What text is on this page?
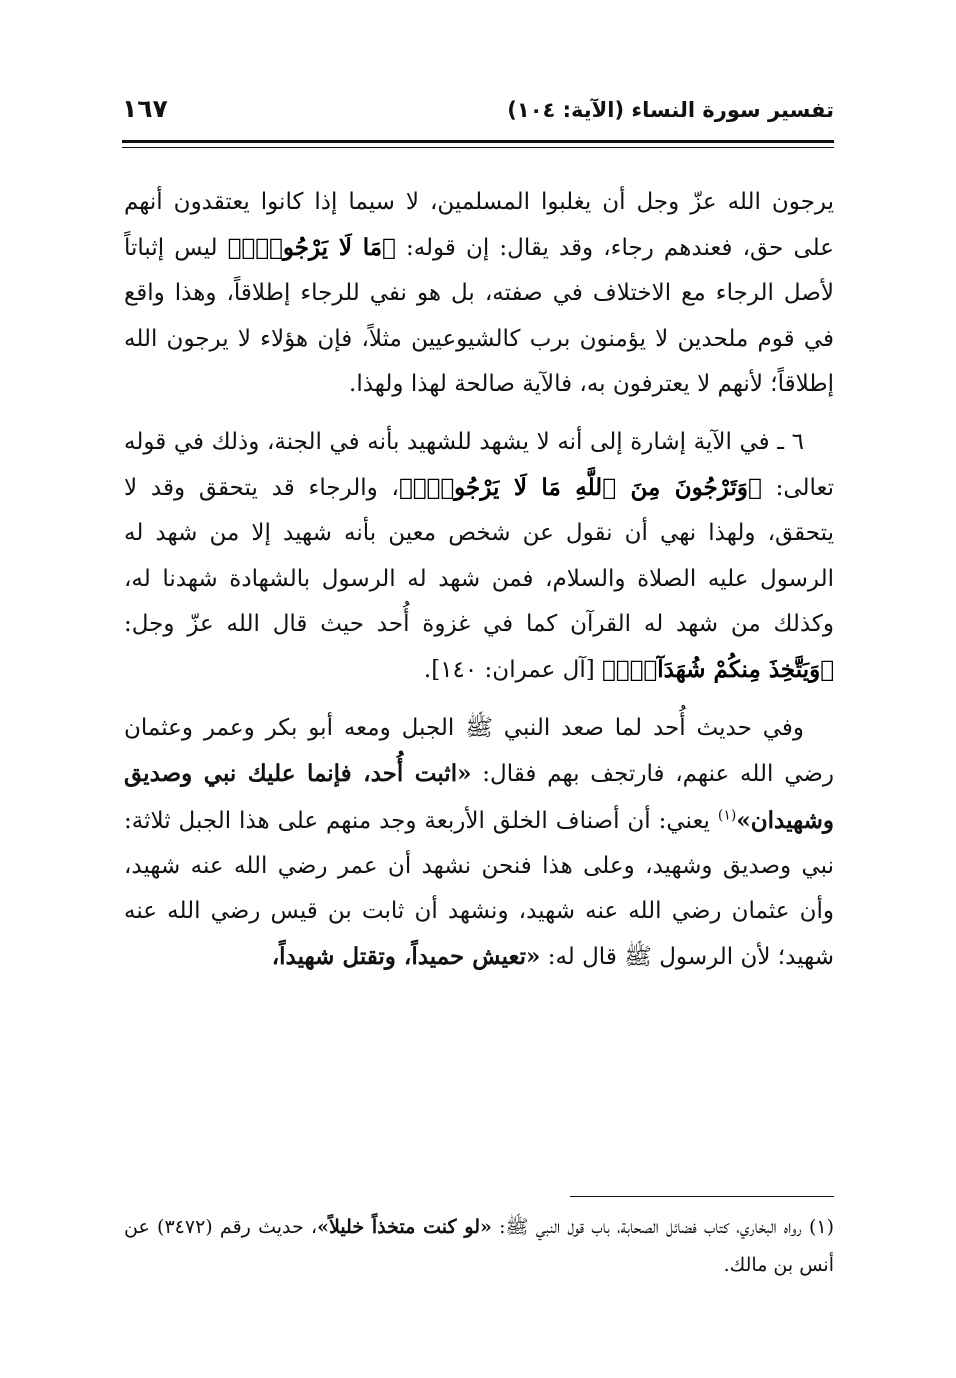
تفسير سورة النساء (الآية: ١٠٤)
١٦٧

يرجون الله عزّ وجل أن يغلبوا المسلمين، لا سيما إذا كانوا يعتقدون أنهم على حق، فعندهم رجاء، وقد يقال: إن قوله: ﴿مَا لَا يَرْجُونَۗ﴾ ليس إثباتاً لأصل الرجاء مع الاختلاف في صفته، بل هو نفي للرجاء إطلاقاً، وهذا واقع في قوم ملحدين لا يؤمنون برب كالشيوعيين مثلاً، فإن هؤلاء لا يرجون الله إطلاقاً؛ لأنهم لا يعترفون به، فالآية صالحة لهذا ولهذا.

٦ ـ في الآية إشارة إلى أنه لا يشهد للشهيد بأنه في الجنة، وذلك في قوله تعالى: ﴿وَتَرْجُونَ مِنَ ٱللَّهِ مَا لَا يَرْجُونَۗ﴾، والرجاء قد يتحقق وقد لا يتحقق، ولهذا نهي أن نقول عن شخص معين بأنه شهيد إلا من شهد له الرسول عليه الصلاة والسلام، فمن شهد له الرسول بالشهادة شهدنا له، وكذلك من شهد له القرآن كما في غزوة أُحد حيث قال الله عزّ وجل: ﴿وَيَتَّخِذَ مِنكُمْ شُهَدَآءَۗ﴾ [آل عمران: ١٤٠].

وفي حديث أُحد لما صعد النبي ﷺ الجبل ومعه أبو بكر وعمر وعثمان رضي الله عنهم، فارتجف بهم فقال: «اثبت أُحد، فإنما عليك نبي وصديق وشهيدان»$^{(١)}$ يعني: أن أصناف الخلق الأربعة وجد منهم على هذا الجبل ثلاثة: نبي وصديق وشهيد، وعلى هذا فنحن نشهد أن عمر رضي الله عنه شهيد، وأن عثمان رضي الله عنه شهيد، ونشهد أن ثابت بن قيس رضي الله عنه شهيد؛ لأن الرسول ﷺ قال له: «تعيش حميداً، وتقتل شهيداً،

(١) رواه البخاري، كتاب فضائل الصحابة، باب قول النبي ﷺ: «لو كنت متخذاً خليلاً»، حديث رقم (٣٤٧٢) عن أنس بن مالك.
